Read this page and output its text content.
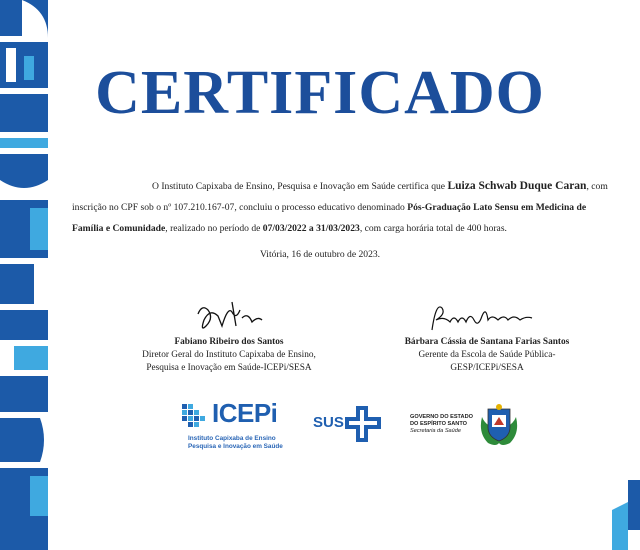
CERTIFICADO
O Instituto Capixaba de Ensino, Pesquisa e Inovação em Saúde certifica que Luiza Schwab Duque Caran, com
inscrição no CPF sob o nº 107.210.167-07, concluiu o processo educativo denominado Pós-Graduação Lato Sensu em Medicina de
Família e Comunidade, realizado no período de 07/03/2022 a 31/03/2023, com carga horária total de 400 horas.
Vitória, 16 de outubro de 2023.
Fabiano Ribeiro dos Santos
Diretor Geral do Instituto Capixaba de Ensino,
Pesquisa e Inovação em Saúde-ICEPi/SESA
Bárbara Cássia de Santana Farias Santos
Gerente da Escola de Saúde Pública-
GESP/ICEPi/SESA
ICEPi
Instituto Capixaba de Ensino
Pesquisa e Inovação em Saúde
SUS	GOVERNO DO ESTADO
DO ESPÍRITO SANTO
Secretaria da Saúde
